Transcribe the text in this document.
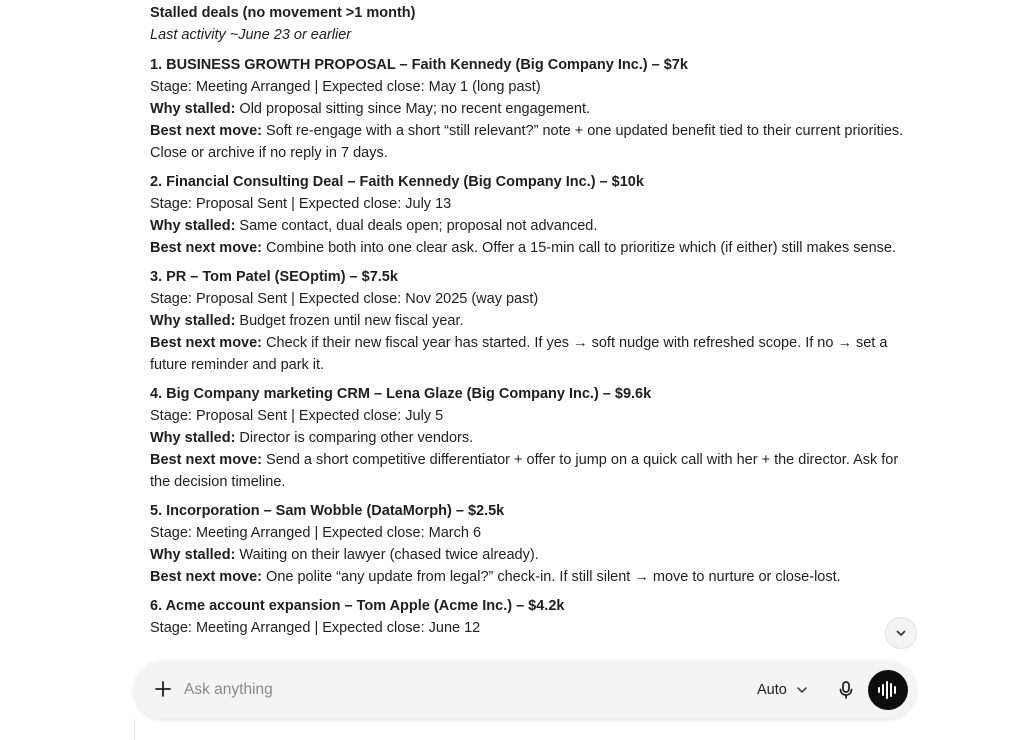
Stalled deals (no movement >1 month)
Last activity ~June 23 or earlier
1. BUSINESS GROWTH PROPOSAL – Faith Kennedy (Big Company Inc.) – $7k
Stage: Meeting Arranged | Expected close: May 1 (long past)
Why stalled: Old proposal sitting since May; no recent engagement.
Best next move: Soft re-engage with a short “still relevant?” note + one updated benefit tied to their current priorities. Close or archive if no reply in 7 days.
2. Financial Consulting Deal – Faith Kennedy (Big Company Inc.) – $10k
Stage: Proposal Sent | Expected close: July 13
Why stalled: Same contact, dual deals open; proposal not advanced.
Best next move: Combine both into one clear ask. Offer a 15-min call to prioritize which (if either) still makes sense.
3. PR – Tom Patel (SEOptim) – $7.5k
Stage: Proposal Sent | Expected close: Nov 2025 (way past)
Why stalled: Budget frozen until new fiscal year.
Best next move: Check if their new fiscal year has started. If yes → soft nudge with refreshed scope. If no → set a future reminder and park it.
4. Big Company marketing CRM – Lena Glaze (Big Company Inc.) – $9.6k
Stage: Proposal Sent | Expected close: July 5
Why stalled: Director is comparing other vendors.
Best next move: Send a short competitive differentiator + offer to jump on a quick call with her + the director. Ask for the decision timeline.
5. Incorporation – Sam Wobble (DataMorph) – $2.5k
Stage: Meeting Arranged | Expected close: March 6
Why stalled: Waiting on their lawyer (chased twice already).
Best next move: One polite “any update from legal?” check-in. If still silent → move to nurture or close-lost.
6. Acme account expansion – Tom Apple (Acme Inc.) – $4.2k
Stage: Meeting Arranged | Expected close: June 12
Ask anything
Auto
